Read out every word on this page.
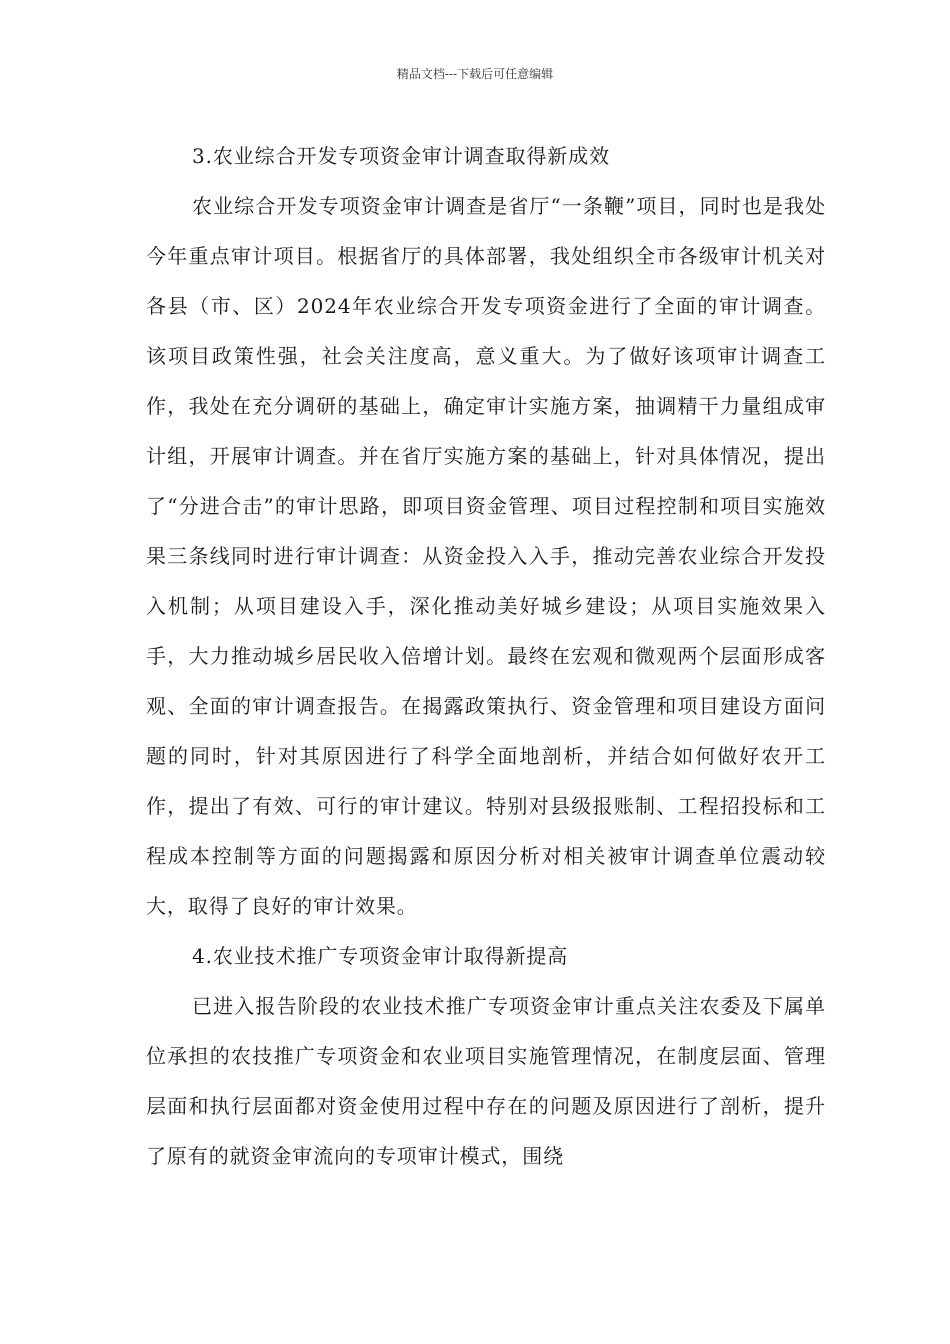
精品文档---下载后可任意编辑

3.农业综合开发专项资金审计调查取得新成效

农业综合开发专项资金审计调查是省厅“一条鞭”项目，同时也是我处今年重点审计项目。根据省厅的具体部署，我处组织全市各级审计机关对各县（市、区）2024年农业综合开发专项资金进行了全面的审计调查。该项目政策性强，社会关注度高，意义重大。为了做好该项审计调查工作，我处在充分调研的基础上，确定审计实施方案，抽调精干力量组成审计组，开展审计调查。并在省厅实施方案的基础上，针对具体情况，提出了“分进合击”的审计思路，即项目资金管理、项目过程控制和项目实施效果三条线同时进行审计调查：从资金投入入手，推动完善农业综合开发投入机制；从项目建设入手，深化推动美好城乡建设；从项目实施效果入手，大力推动城乡居民收入倍增计划。最终在宏观和微观两个层面形成客观、全面的审计调查报告。在揭露政策执行、资金管理和项目建设方面问题的同时，针对其原因进行了科学全面地剖析，并结合如何做好农开工作，提出了有效、可行的审计建议。特别对县级报账制、工程招投标和工程成本控制等方面的问题揭露和原因分析对相关被审计调查单位震动较大，取得了良好的审计效果。

4.农业技术推广专项资金审计取得新提高

已进入报告阶段的农业技术推广专项资金审计重点关注农委及下属单位承担的农技推广专项资金和农业项目实施管理情况，在制度层面、管理层面和执行层面都对资金使用过程中存在的问题及原因进行了剖析，提升了原有的就资金审流向的专项审计模式，围绕
